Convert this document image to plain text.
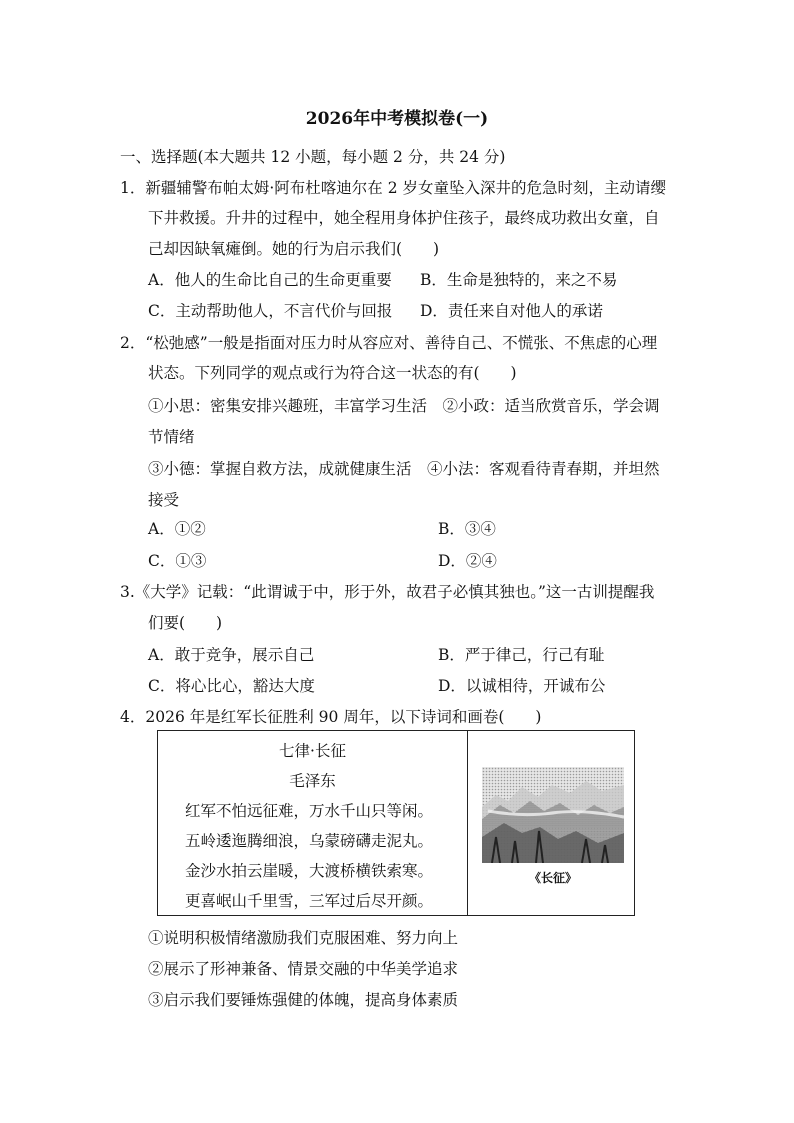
2026年中考模拟卷(一)
一、选择题(本大题共 12 小题，每小题 2 分，共 24 分)
1．新疆辅警布帕太姆·阿布杜喀迪尔在 2 岁女童坠入深井的危急时刻，主动请缨
下井救援。升井的过程中，她全程用身体护住孩子，最终成功救出女童，自
己却因缺氧瘫倒。她的行为启示我们(　　)
A．他人的生命比自己的生命更重要 B．生命是独特的，来之不易
C．主动帮助他人，不言代价与回报 D．责任来自对他人的承诺
2．“松弛感”一般是指面对压力时从容应对、善待自己、不慌张、不焦虑的心理
状态。下列同学的观点或行为符合这一状态的有(　　)
①小思：密集安排兴趣班，丰富学习生活　②小政：适当欣赏音乐，学会调
节情绪
③小德：掌握自救方法，成就健康生活　④小法：客观看待青春期，并坦然
接受
A．①②	B．③④
C．①③	D．②④
3.《大学》记载：“此谓诚于中，形于外，故君子必慎其独也。”这一古训提醒我
们要(　　)
A．敢于竞争，展示自己	B．严于律己，行己有耻
C．将心比心，豁达大度	D．以诚相待，开诚布公
4．2026 年是红军长征胜利 90 周年，以下诗词和画卷(　　)
七律·长征
毛泽东
红军不怕远征难，万水千山只等闲。
五岭逶迤腾细浪，乌蒙磅礴走泥丸。
金沙水拍云崖暖，大渡桥横铁索寒。
更喜岷山千里雪，三军过后尽开颜。
《长征》
①说明积极情绪激励我们克服困难、努力向上
②展示了形神兼备、情景交融的中华美学追求
③启示我们要锤炼强健的体魄，提高身体素质
